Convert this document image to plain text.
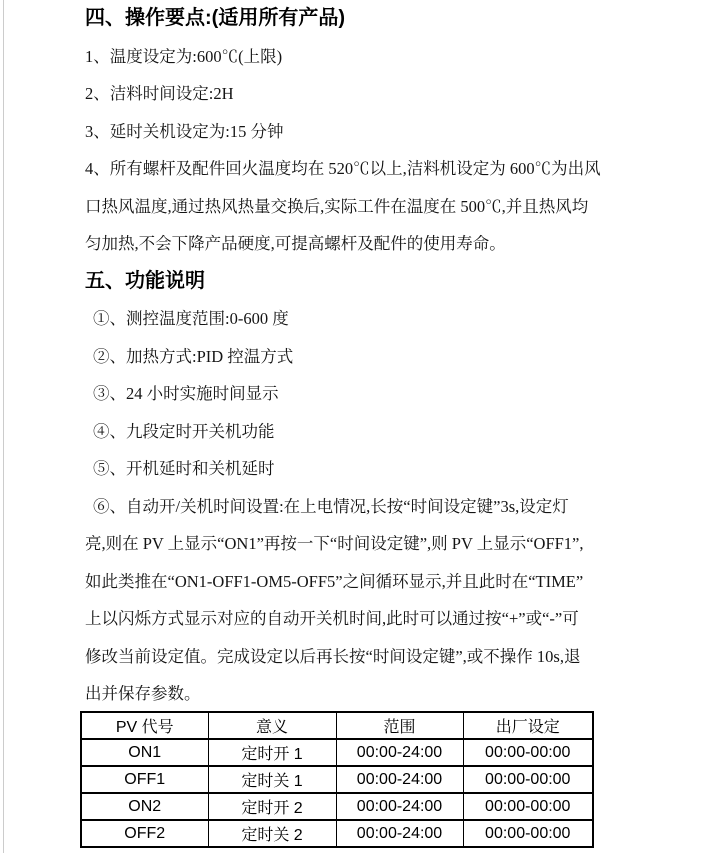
四、操作要点:(适用所有产品)
1、温度设定为:600℃(上限)
2、洁料时间设定:2H
3、延时关机设定为:15 分钟
4、所有螺杆及配件回火温度均在 520℃以上,洁料机设定为 600℃为出风
口热风温度,通过热风热量交换后,实际工件在温度在 500℃,并且热风均
匀加热,不会下降产品硬度,可提高螺杆及配件的使用寿命。
五、功能说明
①、测控温度范围:0-600 度
②、加热方式:PID 控温方式
③、24 小时实施时间显示
④、九段定时开关机功能
⑤、开机延时和关机延时
⑥、自动开/关机时间设置:在上电情况,长按“时间设定键”3s,设定灯
亮,则在 PV 上显示“ON1”再按一下“时间设定键”,则 PV 上显示“OFF1”,
如此类推在“ON1-OFF1-OM5-OFF5”之间循环显示,并且此时在“TIME”
上以闪烁方式显示对应的自动开关机时间,此时可以通过按“+”或“-”可
修改当前设定值。完成设定以后再长按“时间设定键”,或不操作 10s,退
出并保存参数。
PV 代号	意义	范围	出厂设定
ON1	定时开 1	00:00-24:00	00:00-00:00
OFF1	定时关 1	00:00-24:00	00:00-00:00
ON2	定时开 2	00:00-24:00	00:00-00:00
OFF2	定时关 2	00:00-24:00	00:00-00:00
